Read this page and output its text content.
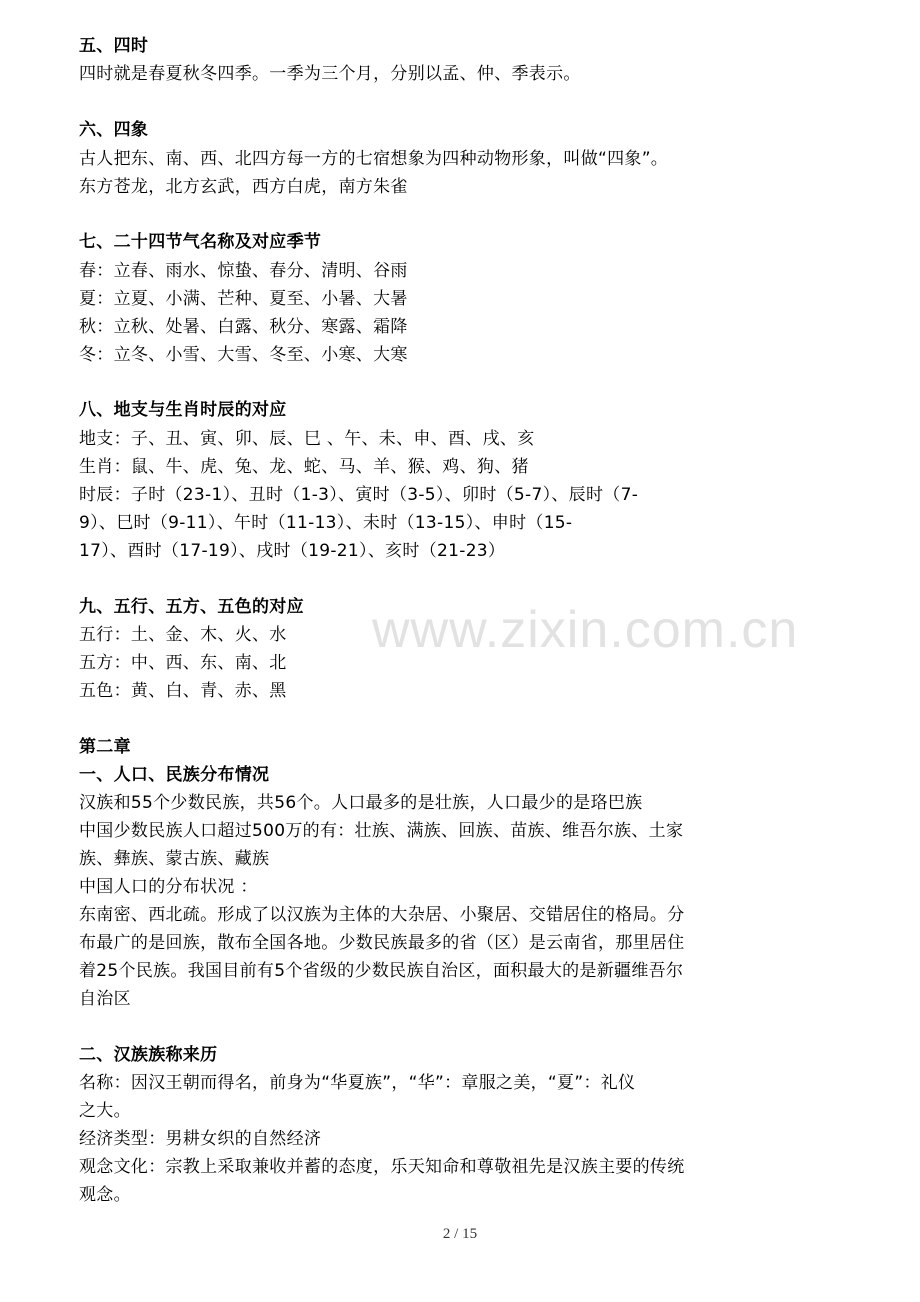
五、四时
四时就是春夏秋冬四季。一季为三个月，分别以孟、仲、季表示。
六、四象
古人把东、南、西、北四方每一方的七宿想象为四种动物形象，叫做“四象”。
东方苍龙，北方玄武，西方白虎，南方朱雀
七、二十四节气名称及对应季节
春：立春、雨水、惊蛰、春分、清明、谷雨
夏：立夏、小满、芒种、夏至、小暑、大暑
秋：立秋、处暑、白露、秋分、寒露、霜降
冬：立冬、小雪、大雪、冬至、小寒、大寒
八、地支与生肖时辰的对应
地支：子、丑、寅、卯、辰、巳 、午、未、申、酉、戌、亥
生肖：鼠、牛、虎、兔、龙、蛇、马、羊、猴、鸡、狗、猪
时辰：子时（23-1）、丑时（1-3）、寅时（3-5）、卯时（5-7）、辰时（7-
9）、巳时（9-11）、午时（11-13）、未时（13-15）、申时（15-
17）、酉时（17-19）、戌时（19-21）、亥时（21-23）
九、五行、五方、五色的对应
五行：土、金、木、火、水
五方：中、西、东、南、北
五色：黄、白、青、赤、黑
第二章
一、人口、民族分布情况
汉族和55个少数民族，共56个。人口最多的是壮族，人口最少的是珞巴族
中国少数民族人口超过500万的有：壮族、满族、回族、苗族、维吾尔族、土家
族、彝族、蒙古族、藏族
中国人口的分布状况 ：
东南密、西北疏。形成了以汉族为主体的大杂居、小聚居、交错居住的格局。分
布最广的是回族，散布全国各地。少数民族最多的省（区）是云南省，那里居住
着25个民族。我国目前有5个省级的少数民族自治区，面积最大的是新疆维吾尔
自治区
二、汉族族称来历
名称：因汉王朝而得名，前身为“华夏族”，“华”：章服之美，“夏”：礼仪
之大。
经济类型：男耕女织的自然经济
观念文化：宗教上采取兼收并蓄的态度，乐天知命和尊敬祖先是汉族主要的传统
观念。
www.zixin.com.cn
2 / 15
